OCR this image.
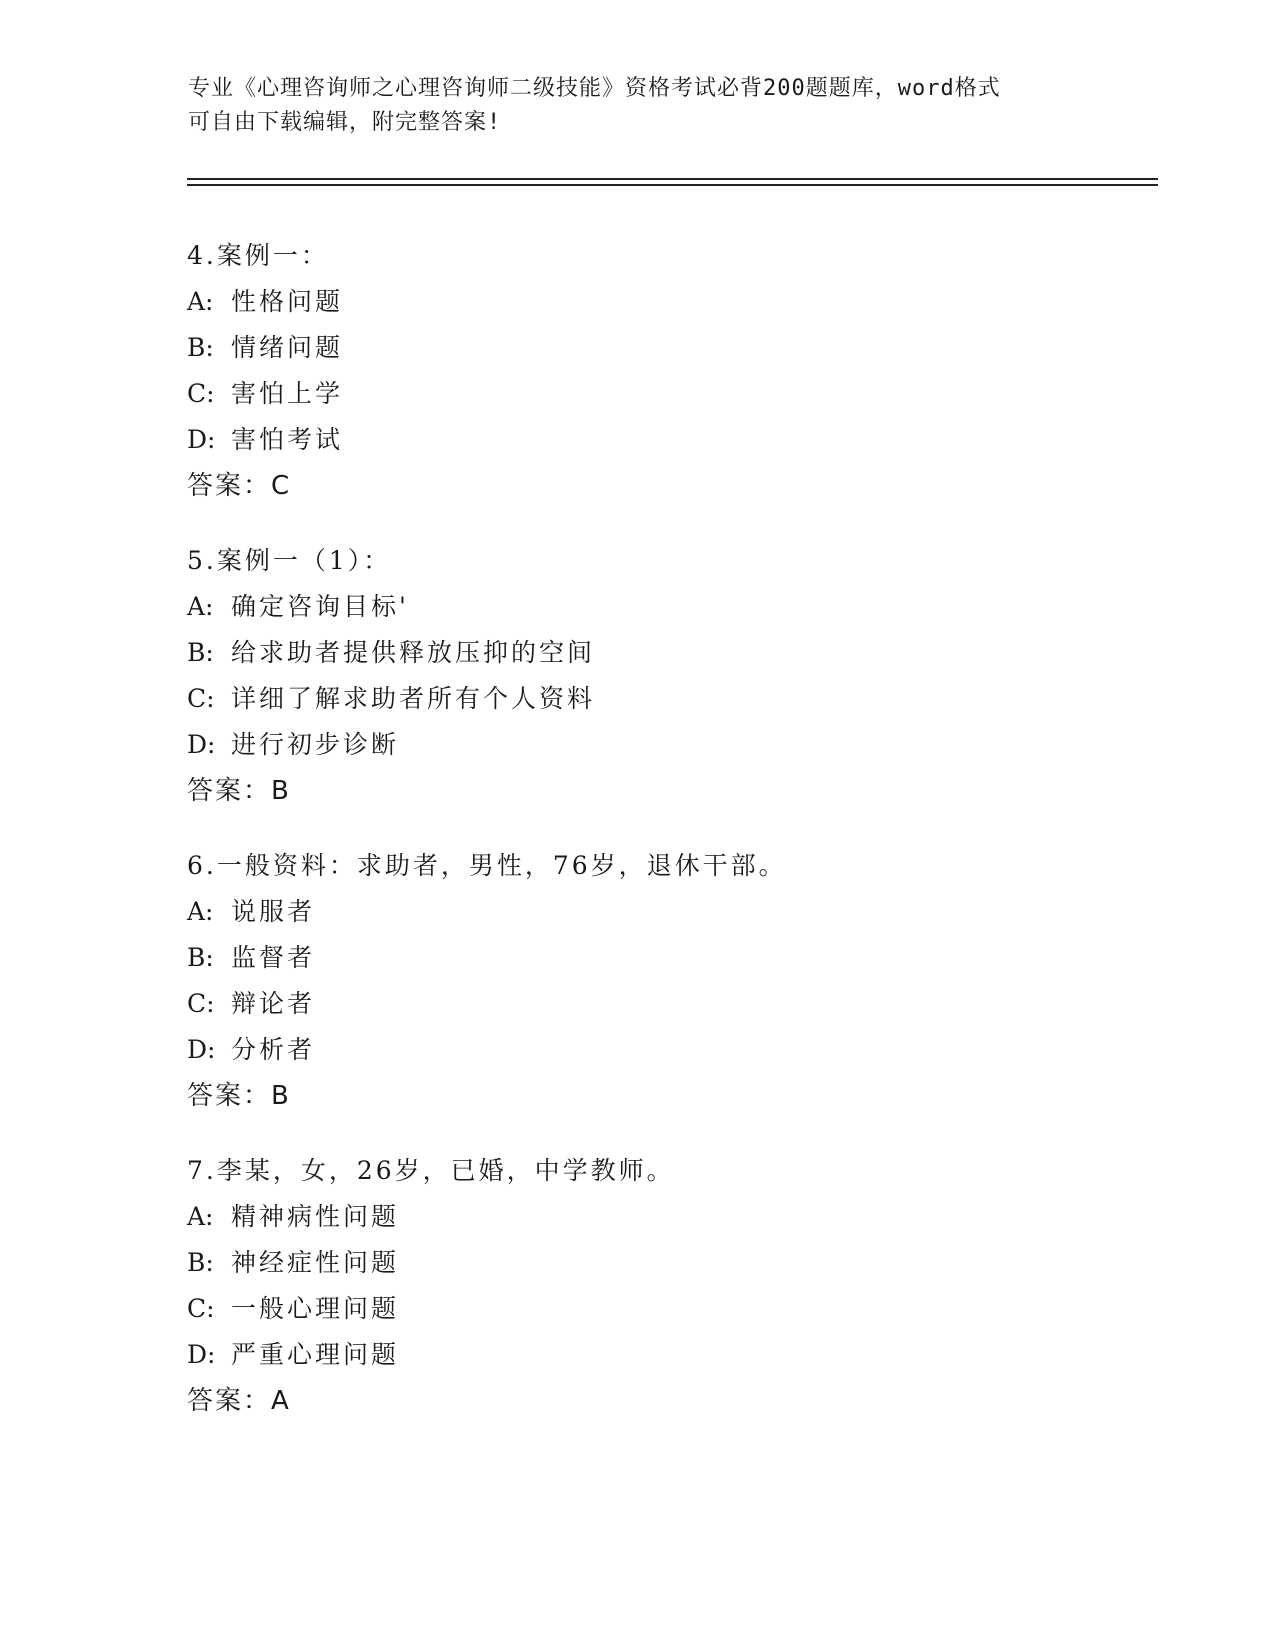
专业《心理咨询师之心理咨询师二级技能》资格考试必背200题题库，word格式
可自由下载编辑，附完整答案!
4.案例一：
A: 性格问题
B: 情绪问题
C: 害怕上学
D: 害怕考试
答案：C
5.案例一（1）：
A: 确定咨询目标'
B: 给求助者提供释放压抑的空间
C: 详细了解求助者所有个人资料
D: 进行初步诊断
答案：B
6.一般资料：求助者，男性，76岁，退休干部。
A: 说服者
B: 监督者
C: 辩论者
D: 分析者
答案：B
7.李某，女，26岁，已婚，中学教师。
A: 精神病性问题
B: 神经症性问题
C: 一般心理问题
D: 严重心理问题
答案：A
